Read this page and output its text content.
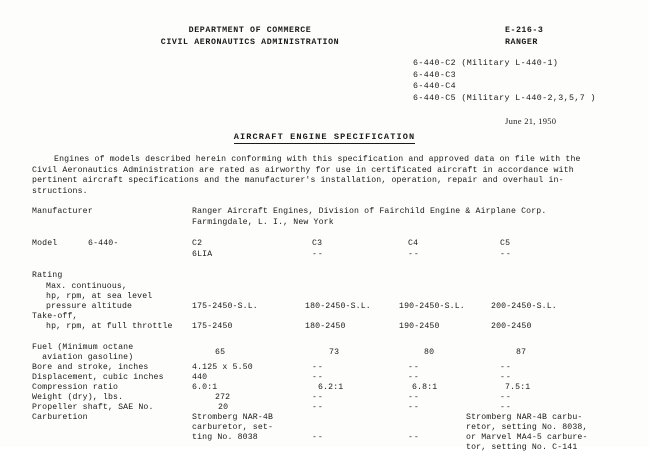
DEPARTMENT OF COMMERCE
CIVIL AERONAUTICS ADMINISTRATION
E-216-3
RANGER
6-440-C2 (Military L-440-1)
6-440-C3
6-440-C4
6-440-C5 (Military L-440-2,3,5,7 )
June 21, 1950
AIRCRAFT ENGINE SPECIFICATION
Engines of models described herein conforming with this specification and approved data on file with the
Civil Aeronautics Administration are rated as airworthy for use in certificated aircraft in accordance with
pertinent aircraft specifications and the manufacturer's installation, operation, repair and overhaul in-
structions.
Manufacturer	Ranger Aircraft Engines, Division of Fairchild Engine & Airplane Corp.
Farmingdale, L. I., New York
Model	6-440-	C2	C3	C4	C5
6LIA	--	--	--
Rating
Max. continuous,
hp, rpm, at sea level
pressure altitude	175-2450-S.L.	180-2450-S.L.	190-2450-S.L.	200-2450-S.L.
Take-off,
hp, rpm, at full throttle 175-2450	180-2450	190-2450	200-2450
Fuel (Minimum octane
aviation gasoline)
65	73	80	87
Bore and stroke, inches	4.125 x 5.50	--	--	--
Displacement, cubic inches	440	--	--	--
Compression ratio	6.0:1	6.2:1	6.8:1	7.5:1
Weight (dry), lbs.	272	--	--	--
Propeller shaft, SAE No.	20	--	--	--
Carburetion	Stromberg NAR-4B
carburetor, set-
ting No. 8038	--	--
Stromberg NAR-4B carbu-
retor, setting No. 8038,
or Marvel MA4-5 carbure-
tor, setting No. C-141
